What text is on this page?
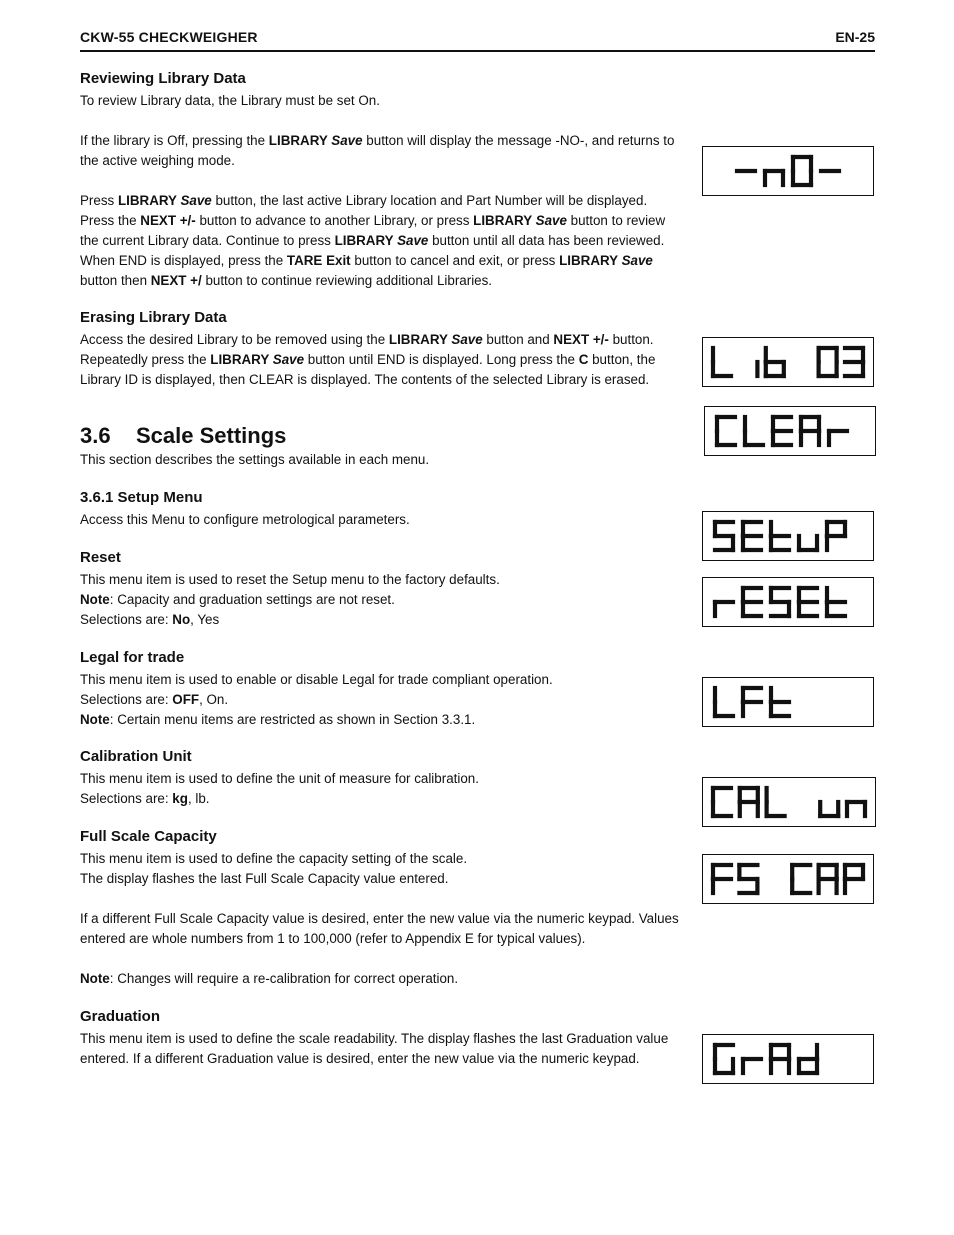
CKW-55 CHECKWEIGHER	EN-25
Reviewing Library Data

To review Library data, the Library must be set On.

If the library is Off, pressing the LIBRARY Save button will display the message -NO-, and returns to the active weighing mode.

Press LIBRARY Save button, the last active Library location and Part Number will be displayed. Press the NEXT +/- button to advance to another Library, or press LIBRARY Save button to review the current Library data. Continue to press LIBRARY Save button until all data has been reviewed. When END is displayed, press the TARE Exit button to cancel and exit, or press LIBRARY Save button then NEXT +/ button to continue reviewing additional Libraries.

Erasing Library Data

Access the desired Library to be removed using the LIBRARY Save button and NEXT +/- button. Repeatedly press the LIBRARY Save button until END is displayed. Long press the C button, the Library ID is displayed, then CLEAR is displayed. The contents of the selected Library is erased.

3.6 Scale Settings

This section describes the settings available in each menu.

3.6.1 Setup Menu

Access this Menu to configure metrological parameters.

Reset

This menu item is used to reset the Setup menu to the factory defaults.
Note: Capacity and graduation settings are not reset.
Selections are: No, Yes

Legal for trade

This menu item is used to enable or disable Legal for trade compliant operation.
Selections are: OFF, On.
Note: Certain menu items are restricted as shown in Section 3.3.1.

Calibration Unit

This menu item is used to define the unit of measure for calibration.
Selections are: kg, lb.

Full Scale Capacity

This menu item is used to define the capacity setting of the scale.
The display flashes the last Full Scale Capacity value entered.

If a different Full Scale Capacity value is desired, enter the new value via the numeric keypad. Values entered are whole numbers from 1 to 100,000 (refer to Appendix E for typical values).

Note: Changes will require a re-calibration for correct operation.

Graduation

This menu item is used to define the scale readability. The display flashes the last Graduation value entered. If a different Graduation value is desired, enter the new value via the numeric keypad.
